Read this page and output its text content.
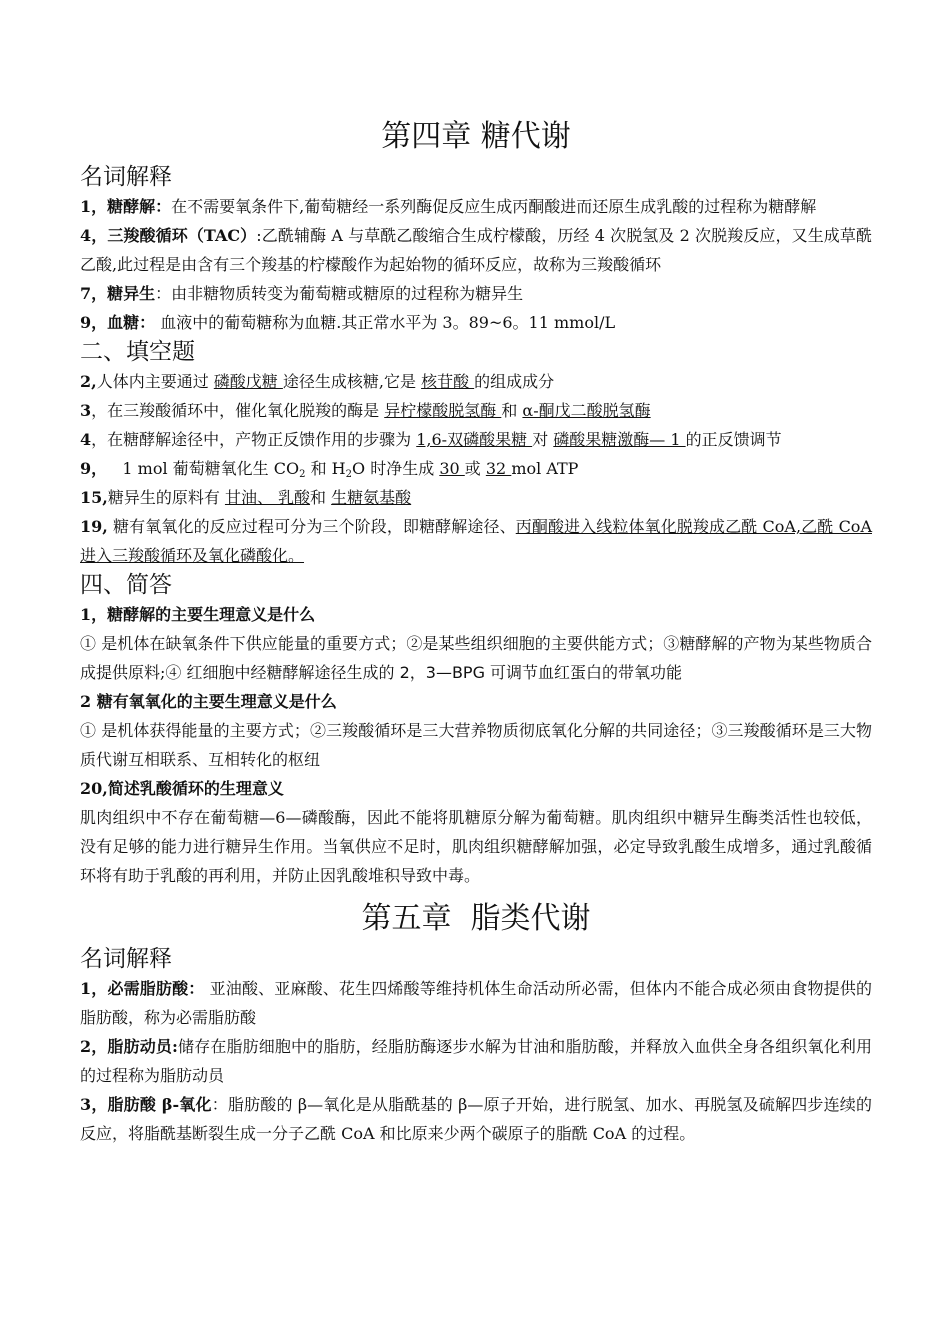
第四章 糖代谢
名词解释

1，糖酵解：在不需要氧条件下,葡萄糖经一系列酶促反应生成丙酮酸进而还原生成乳酸的过程称为糖酵解

4，三羧酸循环（TAC）:乙酰辅酶 A 与草酰乙酸缩合生成柠檬酸，历经 4 次脱氢及 2 次脱羧反应，又生成草酰乙酸,此过程是由含有三个羧基的柠檬酸作为起始物的循环反应，故称为三羧酸循环

7，糖异生：由非糖物质转变为葡萄糖或糖原的过程称为糖异生

9，血糖： 血液中的葡萄糖称为血糖.其正常水平为 3。89~6。11 mmol/L

二、填空题

2,人体内主要通过 磷酸戊糖 途径生成核糖,它是 核苷酸 的组成成分

3，在三羧酸循环中，催化氧化脱羧的酶是 异柠檬酸脱氢酶 和 α-酮戊二酸脱氢酶

4，在糖酵解途径中，产物正反馈作用的步骤为 1,6-双磷酸果糖 对 磷酸果糖激酶— 1 的正反馈调节

9，   1 mol 葡萄糖氧化生 $CO_2$ 和 $H_2O$ 时净生成 30 或 32 mol ATP

15,糖异生的原料有 甘油、 乳酸和 生糖氨基酸

19, 糖有氧氧化的反应过程可分为三个阶段，即糖酵解途径、丙酮酸进入线粒体氧化脱羧成乙酰 CoA,乙酰 CoA 进入三羧酸循环及氧化磷酸化。

四、简答

1，糖酵解的主要生理意义是什么

① 是机体在缺氧条件下供应能量的重要方式；②是某些组织细胞的主要供能方式；③糖酵解的产物为某些物质合成提供原料;④ 红细胞中经糖酵解途径生成的 2，3—BPG 可调节血红蛋白的带氧功能

2 糖有氧氧化的主要生理意义是什么

① 是机体获得能量的主要方式；②三羧酸循环是三大营养物质彻底氧化分解的共同途径；③三羧酸循环是三大物质代谢互相联系、互相转化的枢纽

20,简述乳酸循环的生理意义

肌肉组织中不存在葡萄糖—6—磷酸酶，因此不能将肌糖原分解为葡萄糖。肌肉组织中糖异生酶类活性也较低，没有足够的能力进行糖异生作用。当氧供应不足时，肌肉组织糖酵解加强，必定导致乳酸生成增多，通过乳酸循环将有助于乳酸的再利用，并防止因乳酸堆积导致中毒。

第五章  脂类代谢
名词解释

1，必需脂肪酸： 亚油酸、亚麻酸、花生四烯酸等维持机体生命活动所必需，但体内不能合成必须由食物提供的脂肪酸，称为必需脂肪酸

2，脂肪动员:储存在脂肪细胞中的脂肪，经脂肪酶逐步水解为甘油和脂肪酸，并释放入血供全身各组织氧化利用的过程称为脂肪动员

3，脂肪酸 β-氧化：脂肪酸的 β—氧化是从脂酰基的 β—原子开始，进行脱氢、加水、再脱氢及硫解四步连续的反应，将脂酰基断裂生成一分子乙酰 CoA 和比原来少两个碳原子的脂酰 CoA 的过程。
